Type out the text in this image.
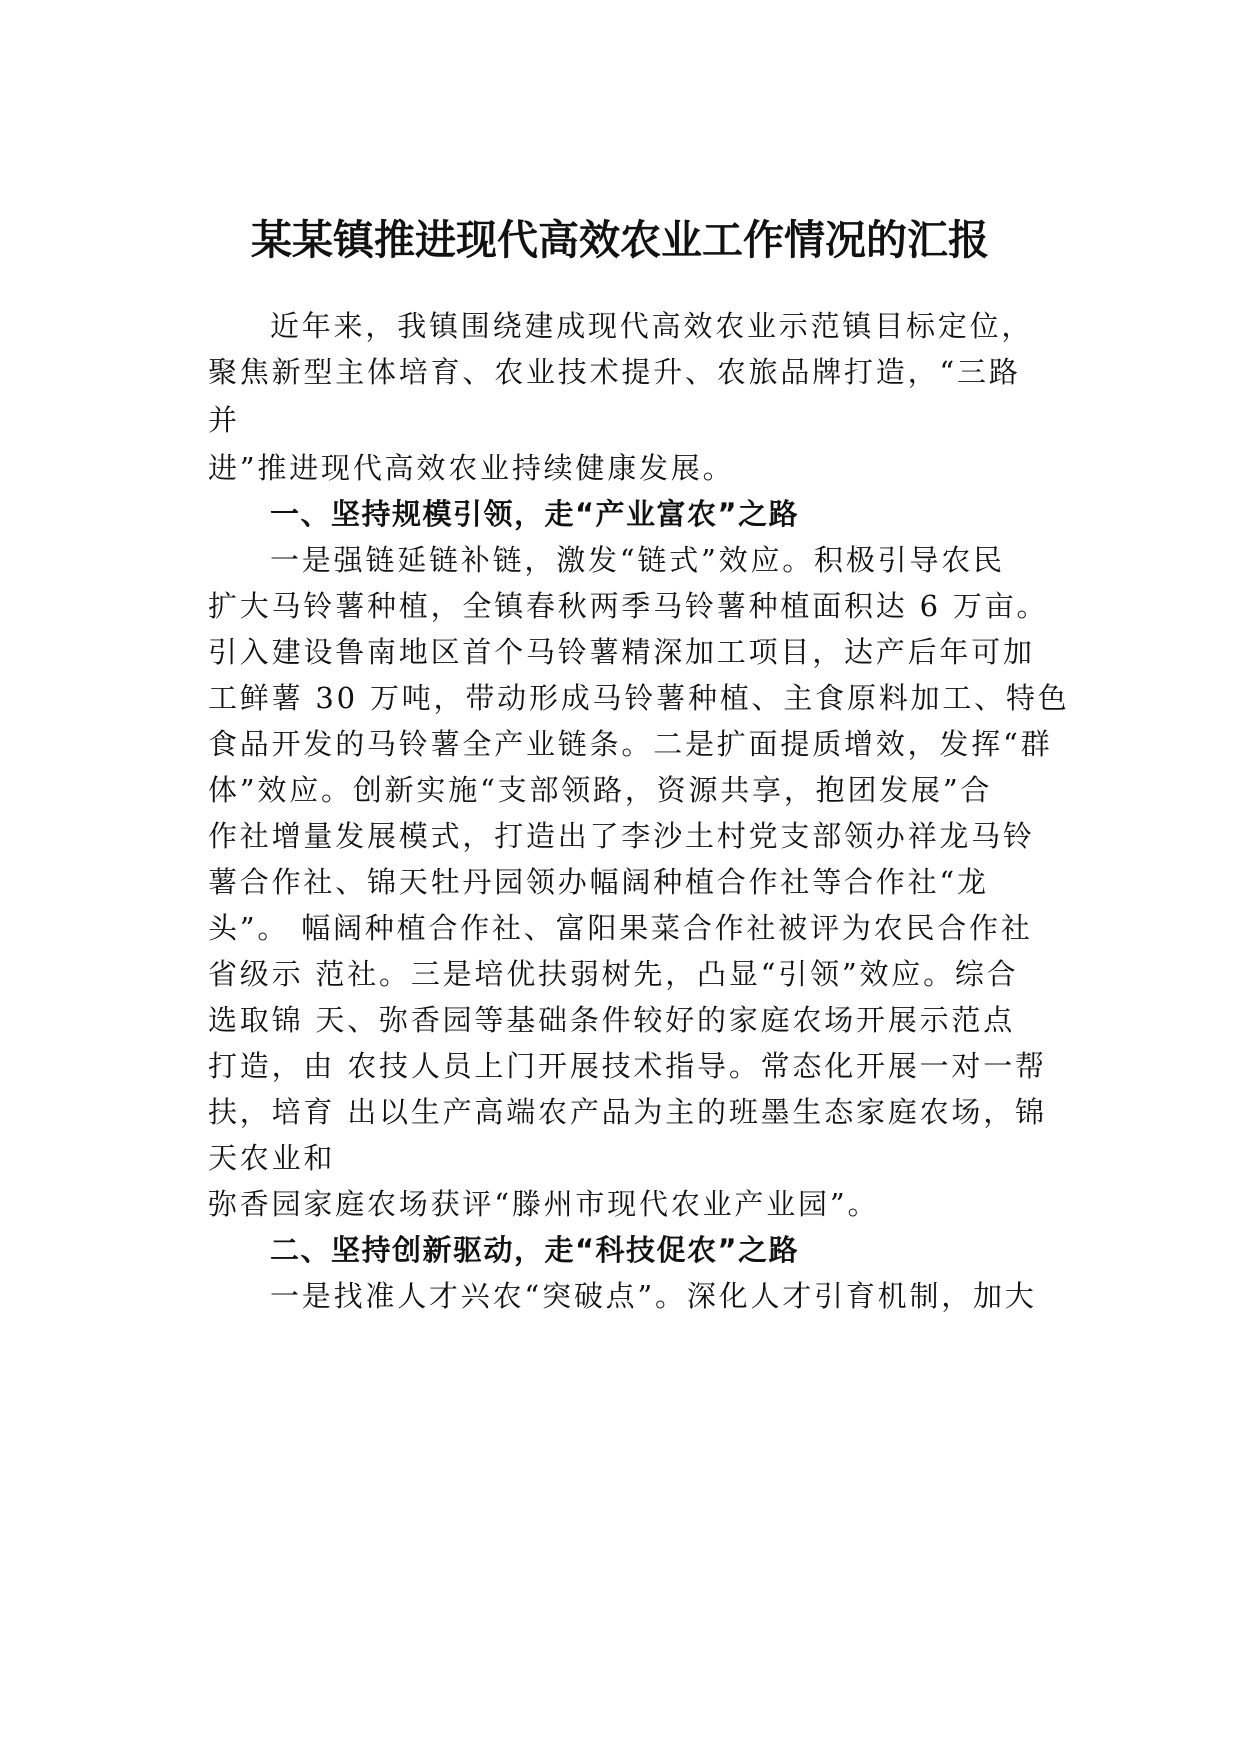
某某镇推进现代高效农业工作情况的汇报
近年来，我镇围绕建成现代高效农业示范镇目标定位，
聚焦新型主体培育、农业技术提升、农旅品牌打造，“三路
并
进”推进现代高效农业持续健康发展。
一、坚持规模引领，走“产业富农”之路
一是强链延链补链，激发“链式”效应。积极引导农民
扩大马铃薯种植，全镇春秋两季马铃薯种植面积达 6 万亩。
引入建设鲁南地区首个马铃薯精深加工项目，达产后年可加
工鲜薯 30 万吨，带动形成马铃薯种植、主食原料加工、特色
食品开发的马铃薯全产业链条。二是扩面提质增效，发挥“群
体”效应。创新实施“支部领路，资源共享，抱团发展”合
作社增量发展模式，打造出了李沙土村党支部领办祥龙马铃
薯合作社、锦天牡丹园领办幅阔种植合作社等合作社“龙
头”。 幅阔种植合作社、富阳果菜合作社被评为农民合作社
省级示 范社。三是培优扶弱树先，凸显“引领”效应。综合
选取锦 天、弥香园等基础条件较好的家庭农场开展示范点
打造，由 农技人员上门开展技术指导。常态化开展一对一帮
扶，培育 出以生产高端农产品为主的班墨生态家庭农场，锦
天农业和
弥香园家庭农场获评“滕州市现代农业产业园”。
二、坚持创新驱动，走“科技促农”之路
一是找准人才兴农“突破点”。深化人才引育机制，加大
